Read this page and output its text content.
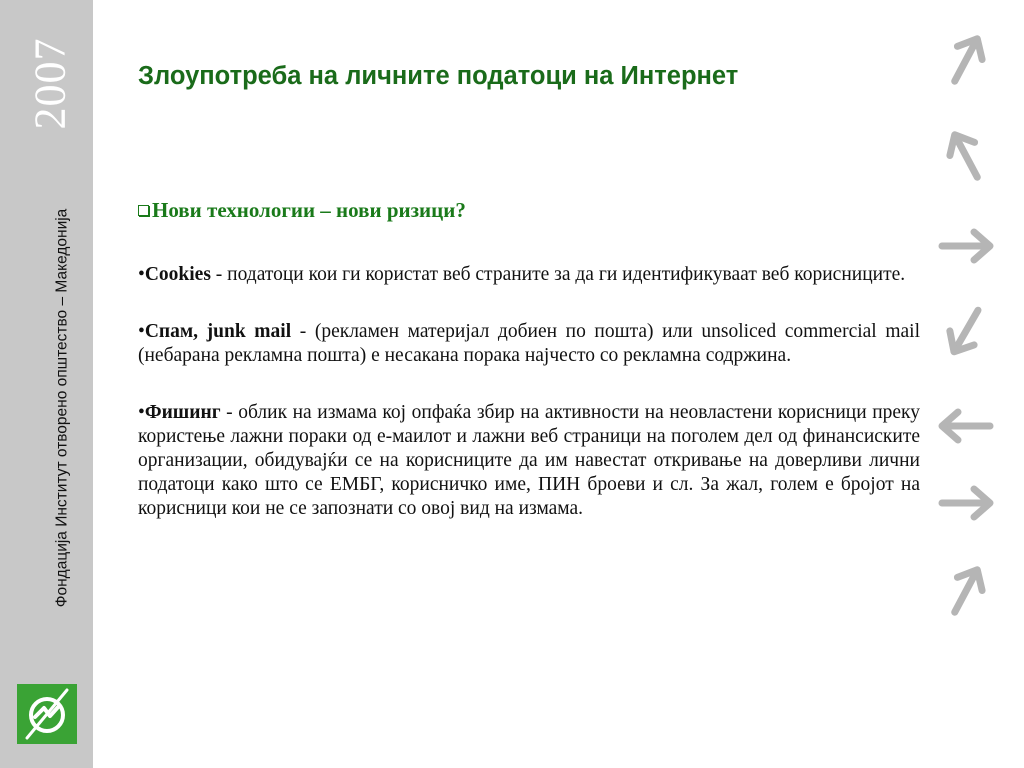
2007
Фондација Институт отворено општество – Македонија
Злоупотреба на личните податоци на Интернет
Нови технологии – нови ризици?

•Cookies - податоци кои ги користат веб страните за да ги идентификуваат веб корисниците.

•Спам, junk mail - (рекламен материјал добиен по пошта) или unsoliced commercial mail (небарана рекламна пошта) е несакана порака најчесто со рекламна содржина.

•Фишинг - облик на измама кој опфаќа збир на активности на неовластени корисници преку користење лажни пораки од е-маилот и лажни веб страници на поголем дел од финансиските организации, обидувајќи се на корисниците да им навестат откривање на доверливи лични податоци како што се ЕМБГ, корисничко име, ПИН броеви и сл. За жал, голем е бројот на корисници кои не се запознати со овој вид на измама.
